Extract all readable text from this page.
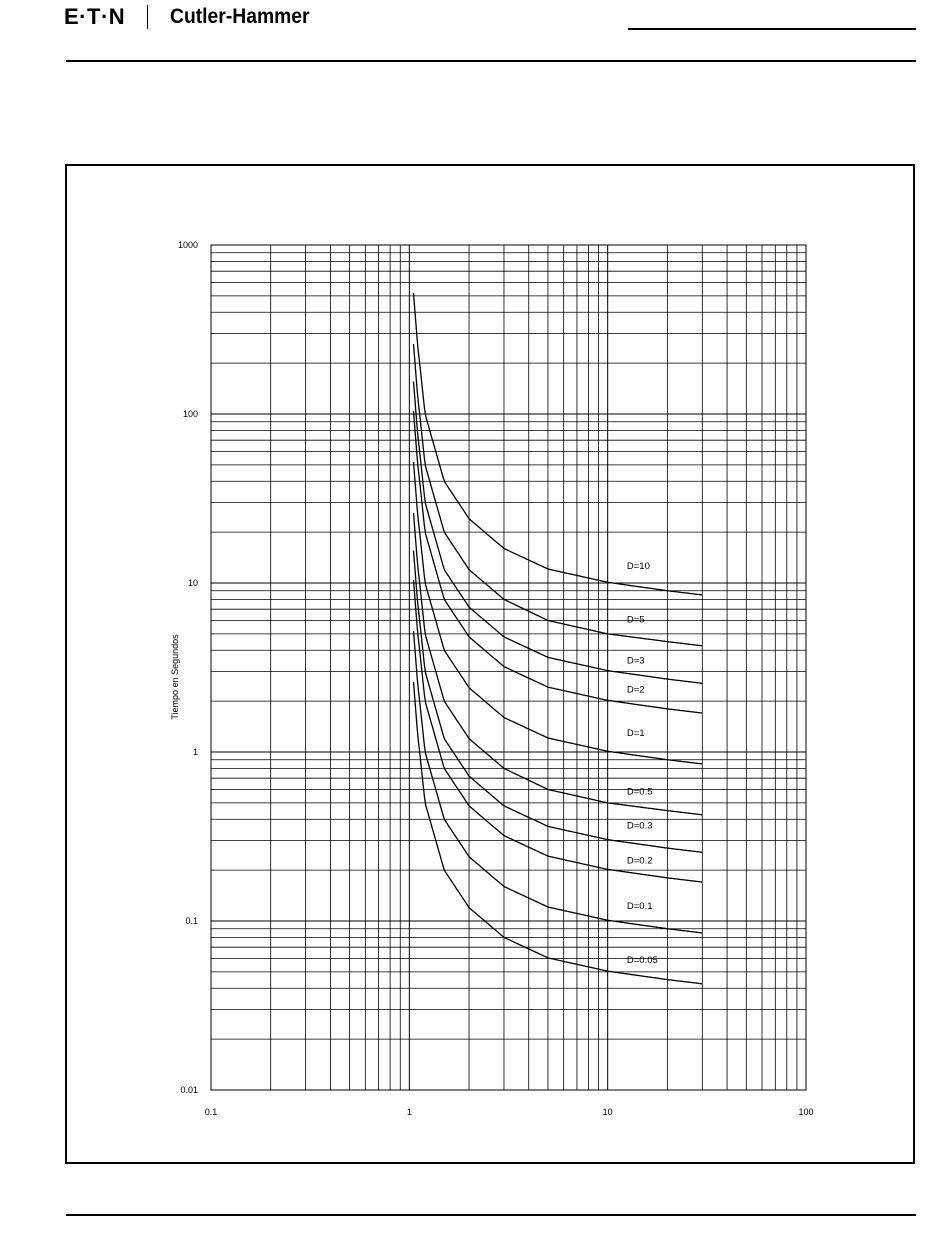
E·T·N Cutler-Hammer
D=10
D=5
D=3
D=2
D=1
D=0.5
D=0.3
D=0.2
D=0.1
D=0.05
0.1	1	10	100
1000
100
10
1
0.1
0.01
Tiempo en Segundos
